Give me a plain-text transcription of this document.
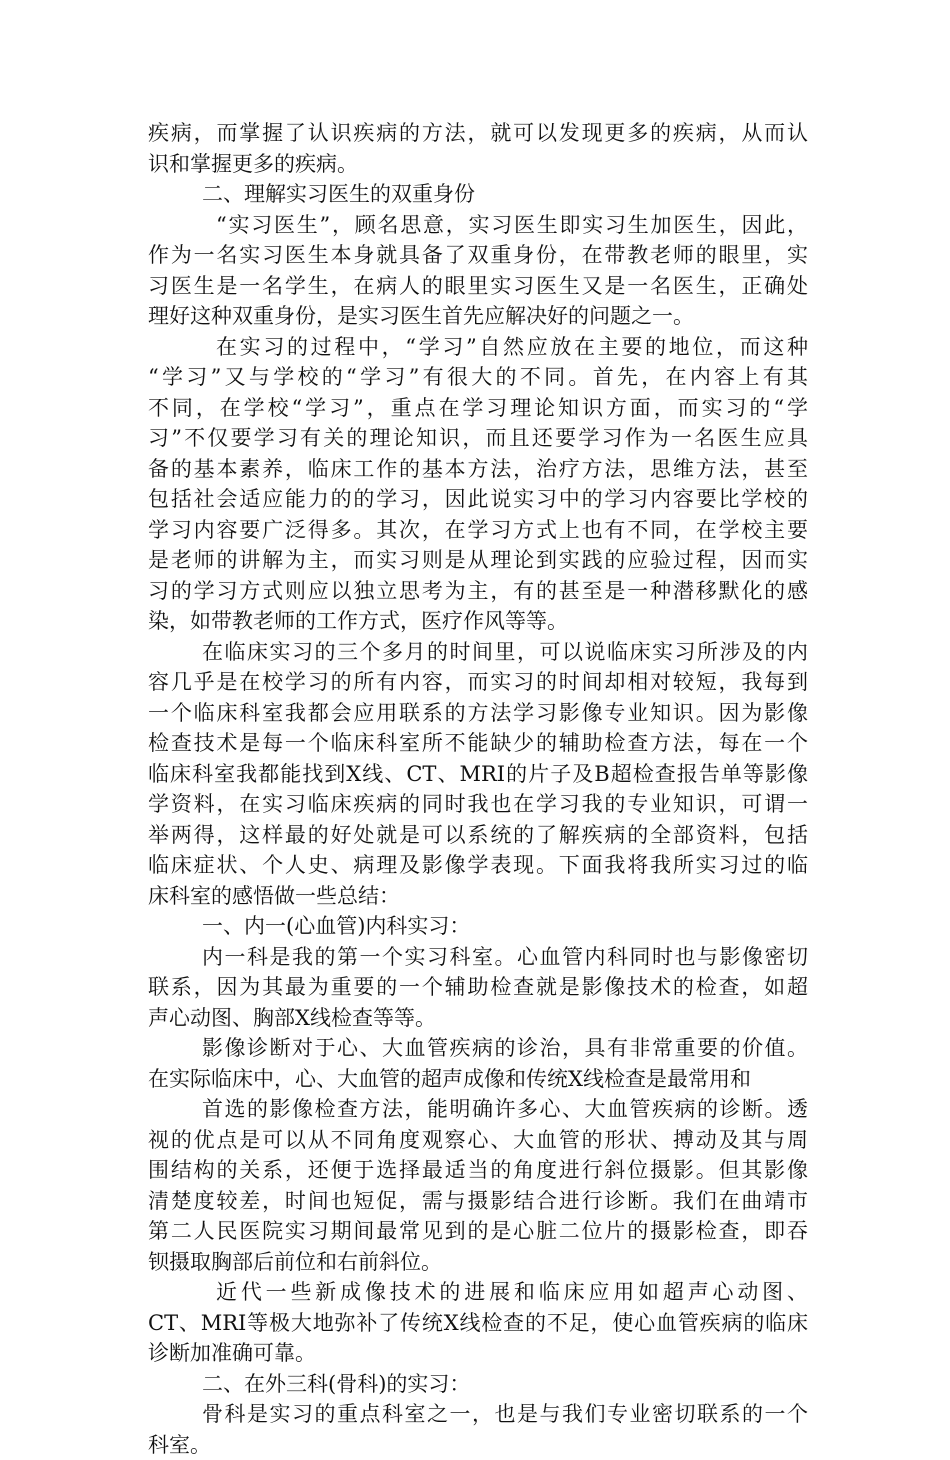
疾病，而掌握了认识疾病的方法，就可以发现更多的疾病，从而认
识和掌握更多的疾病。
二、理解实习医生的双重身份
“实习医生”，顾名思意，实习医生即实习生加医生，因此，
作为一名实习医生本身就具备了双重身份，在带教老师的眼里，实
习医生是一名学生，在病人的眼里实习医生又是一名医生，正确处
理好这种双重身份，是实习医生首先应解决好的问题之一。
在实习的过程中，“学习”自然应放在主要的地位，而这种
“学习”又与学校的“学习”有很大的不同。首先，在内容上有其
不同，在学校“学习”，重点在学习理论知识方面，而实习的“学
习”不仅要学习有关的理论知识，而且还要学习作为一名医生应具
备的基本素养，临床工作的基本方法，治疗方法，思维方法，甚至
包括社会适应能力的的学习，因此说实习中的学习内容要比学校的
学习内容要广泛得多。其次，在学习方式上也有不同，在学校主要
是老师的讲解为主，而实习则是从理论到实践的应验过程，因而实
习的学习方式则应以独立思考为主，有的甚至是一种潜移默化的感
染，如带教老师的工作方式，医疗作风等等。
在临床实习的三个多月的时间里，可以说临床实习所涉及的内
容几乎是在校学习的所有内容，而实习的时间却相对较短，我每到
一个临床科室我都会应用联系的方法学习影像专业知识。因为影像
检查技术是每一个临床科室所不能缺少的辅助检查方法，每在一个
临床科室我都能找到X线、CT、MRI的片子及B超检查报告单等影像
学资料，在实习临床疾病的同时我也在学习我的专业知识，可谓一
举两得，这样最的好处就是可以系统的了解疾病的全部资料，包括
临床症状、个人史、病理及影像学表现。下面我将我所实习过的临
床科室的感悟做一些总结：
一、内一(心血管)内科实习：
内一科是我的第一个实习科室。心血管内科同时也与影像密切
联系，因为其最为重要的一个辅助检查就是影像技术的检查，如超
声心动图、胸部X线检查等等。
影像诊断对于心、大血管疾病的诊治，具有非常重要的价值。
在实际临床中，心、大血管的超声成像和传统X线检查是最常用和
首选的影像检查方法，能明确许多心、大血管疾病的诊断。透
视的优点是可以从不同角度观察心、大血管的形状、搏动及其与周
围结构的关系，还便于选择最适当的角度进行斜位摄影。但其影像
清楚度较差，时间也短促，需与摄影结合进行诊断。我们在曲靖市
第二人民医院实习期间最常见到的是心脏二位片的摄影检查，即吞
钡摄取胸部后前位和右前斜位。
近代一些新成像技术的进展和临床应用如超声心动图、
CT、MRI等极大地弥补了传统X线检查的不足，使心血管疾病的临床
诊断加准确可靠。
二、在外三科(骨科)的实习：
骨科是实习的重点科室之一，也是与我们专业密切联系的一个
科室。
